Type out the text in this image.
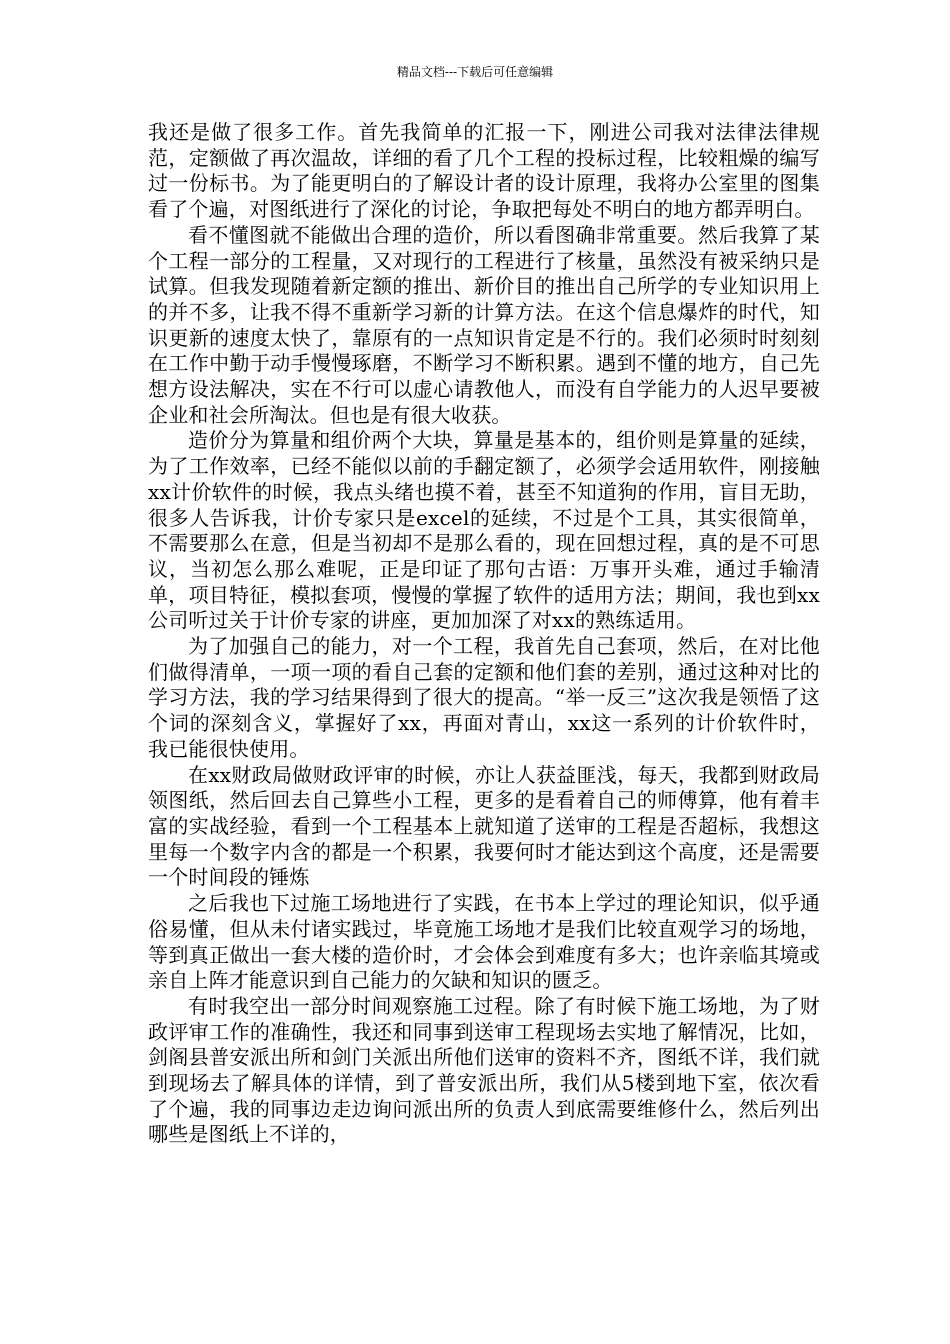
精品文档---下载后可任意编辑

我还是做了很多工作。首先我简单的汇报一下，刚进公司我对法律法律规范，定额做了再次温故，详细的看了几个工程的投标过程，比较粗燥的编写过一份标书。为了能更明白的了解设计者的设计原理，我将办公室里的图集看了个遍，对图纸进行了深化的讨论，争取把每处不明白的地方都弄明白。

看不懂图就不能做出合理的造价，所以看图确非常重要。然后我算了某个工程一部分的工程量，又对现行的工程进行了核量，虽然没有被采纳只是试算。但我发现随着新定额的推出、新价目的推出自己所学的专业知识用上的并不多，让我不得不重新学习新的计算方法。在这个信息爆炸的时代，知识更新的速度太快了，靠原有的一点知识肯定是不行的。我们必须时时刻刻在工作中勤于动手慢慢琢磨，不断学习不断积累。遇到不懂的地方，自己先想方设法解决，实在不行可以虚心请教他人，而没有自学能力的人迟早要被企业和社会所淘汰。但也是有很大收获。

造价分为算量和组价两个大块，算量是基本的，组价则是算量的延续，为了工作效率，已经不能似以前的手翻定额了，必须学会适用软件，刚接触xx计价软件的时候，我点头绪也摸不着，甚至不知道狗的作用，盲目无助，很多人告诉我，计价专家只是excel的延续，不过是个工具，其实很简单，不需要那么在意，但是当初却不是那么看的，现在回想过程，真的是不可思议，当初怎么那么难呢，正是印证了那句古语：万事开头难，通过手输清单，项目特征，模拟套项，慢慢的掌握了软件的适用方法；期间，我也到xx公司听过关于计价专家的讲座，更加加深了对xx的熟练适用。

为了加强自己的能力，对一个工程，我首先自己套项，然后，在对比他们做得清单，一项一项的看自己套的定额和他们套的差别，通过这种对比的学习方法，我的学习结果得到了很大的提高。“举一反三”这次我是领悟了这个词的深刻含义，掌握好了xx，再面对青山，xx这一系列的计价软件时，我已能很快使用。

在xx财政局做财政评审的时候，亦让人获益匪浅，每天，我都到财政局领图纸，然后回去自己算些小工程，更多的是看着自己的师傅算，他有着丰富的实战经验，看到一个工程基本上就知道了送审的工程是否超标，我想这里每一个数字内含的都是一个积累，我要何时才能达到这个高度，还是需要一个时间段的锤炼

之后我也下过施工场地进行了实践，在书本上学过的理论知识，似乎通俗易懂，但从未付诸实践过，毕竟施工场地才是我们比较直观学习的场地，等到真正做出一套大楼的造价时，才会体会到难度有多大；也许亲临其境或亲自上阵才能意识到自己能力的欠缺和知识的匮乏。

有时我空出一部分时间观察施工过程。除了有时候下施工场地，为了财政评审工作的准确性，我还和同事到送审工程现场去实地了解情况，比如，剑阁县普安派出所和剑门关派出所他们送审的资料不齐，图纸不详，我们就到现场去了解具体的详情，到了普安派出所，我们从5楼到地下室，依次看了个遍，我的同事边走边询问派出所的负责人到底需要维修什么，然后列出哪些是图纸上不详的，
